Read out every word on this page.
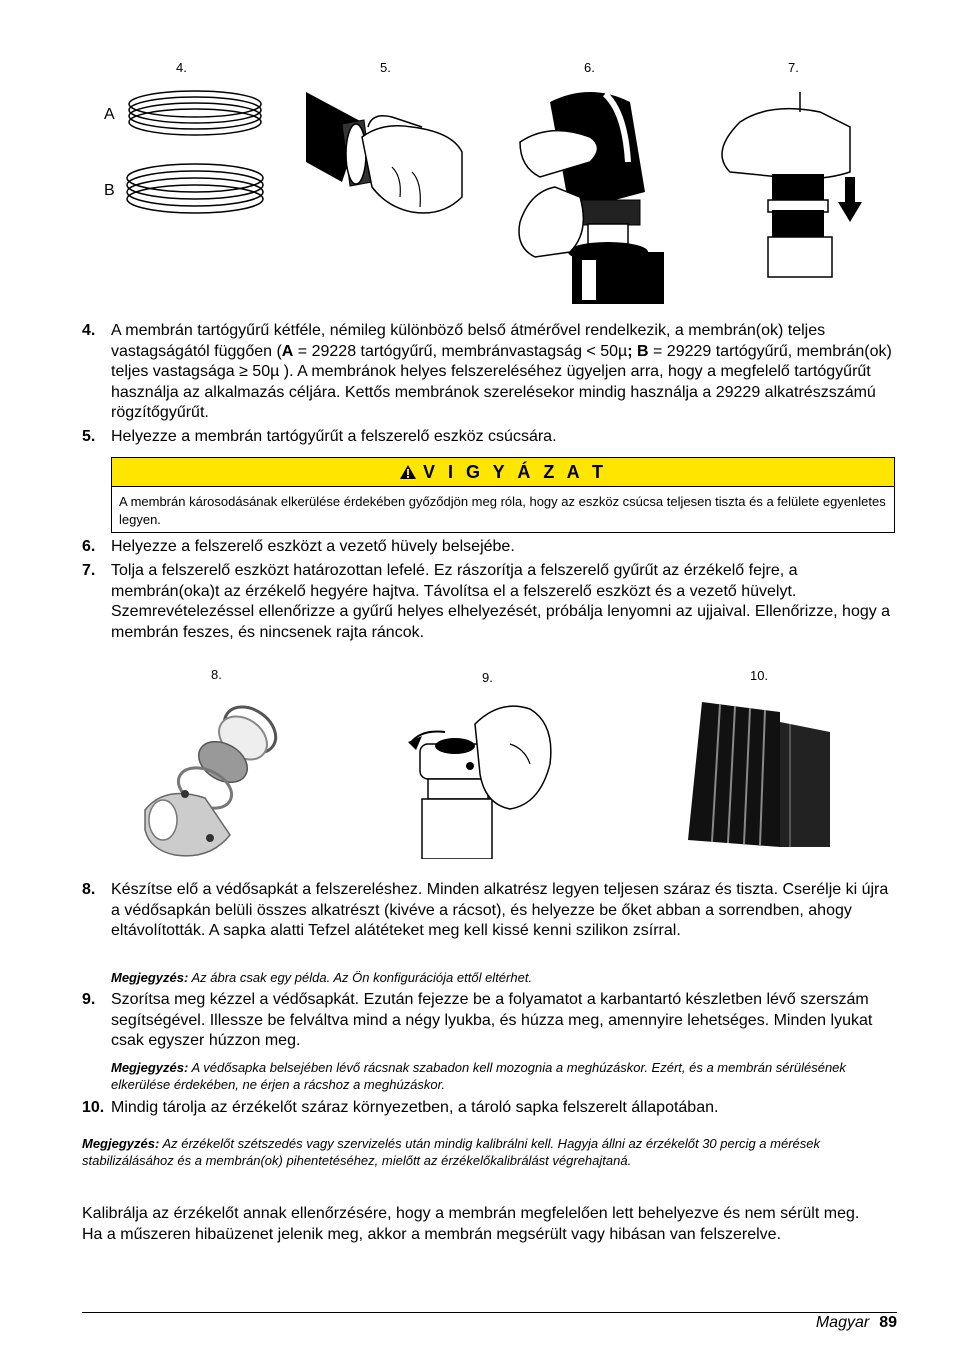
4.	5.	6.	7.
A
B
4. A membrán tartógyűrű kétféle, némileg különböző belső átmérővel rendelkezik, a membrán(ok) teljes vastagságától függően (A = 29228 tartógyűrű, membránvastagság < 50µ; B = 29229 tartógyűrű, membrán(ok) teljes vastagsága ≥ 50µ ). A membránok helyes felszereléséhez ügyeljen arra, hogy a megfelelő tartógyűrűt használja az alkalmazás céljára. Kettős membránok szerelésekor mindig használja a 29229 alkatrészszámú rögzítőgyűrűt.
5. Helyezze a membrán tartógyűrűt a felszerelő eszköz csúcsára.
V I G Y Á Z A T
A membrán károsodásának elkerülése érdekében győződjön meg róla, hogy az eszköz csúcsa teljesen tiszta és a felülete egyenletes legyen.
6. Helyezze a felszerelő eszközt a vezető hüvely belsejébe.
7. Tolja a felszerelő eszközt határozottan lefelé. Ez rászorítja a felszerelő gyűrűt az érzékelő fejre, a membrán(oka)t az érzékelő hegyére hajtva. Távolítsa el a felszerelő eszközt és a vezető hüvelyt. Szemrevételezéssel ellenőrizze a gyűrű helyes elhelyezését, próbálja lenyomni az ujjaival. Ellenőrizze, hogy a membrán feszes, és nincsenek rajta ráncok.
8.	9.	10.
8. Készítse elő a védősapkát a felszereléshez. Minden alkatrész legyen teljesen száraz és tiszta. Cserélje ki újra a védősapkán belüli összes alkatrészt (kivéve a rácsot), és helyezze be őket abban a sorrendben, ahogy eltávolították. A sapka alatti Tefzel alátéteket meg kell kissé kenni szilikon zsírral.
Megjegyzés: Az ábra csak egy példa. Az Ön konfigurációja ettől eltérhet.
9. Szorítsa meg kézzel a védősapkát. Ezután fejezze be a folyamatot a karbantartó készletben lévő szerszám segítségével. Illessze be felváltva mind a négy lyukba, és húzza meg, amennyire lehetséges. Minden lyukat csak egyszer húzzon meg.
Megjegyzés: A védősapka belsejében lévő rácsnak szabadon kell mozognia a meghúzáskor. Ezért, és a membrán sérülésének elkerülése érdekében, ne érjen a rácshoz a meghúzáskor.
10. Mindig tárolja az érzékelőt száraz környezetben, a tároló sapka felszerelt állapotában.
Megjegyzés: Az érzékelőt szétszedés vagy szervizelés után mindig kalibrálni kell. Hagyja állni az érzékelőt 30 percig a mérések stabilizálásához és a membrán(ok) pihentetéséhez, mielőtt az érzékelőkalibrálást végrehajtaná.
Kalibrálja az érzékelőt annak ellenőrzésére, hogy a membrán megfelelően lett behelyezve és nem sérült meg. Ha a műszeren hibaüzenet jelenik meg, akkor a membrán megsérült vagy hibásan van felszerelve.
Magyar 89
